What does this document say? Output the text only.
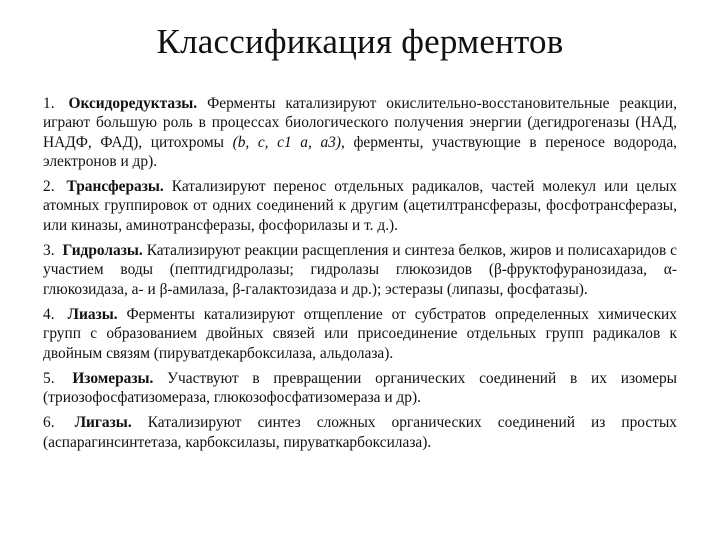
Классификация ферментов

1. Оксидоредуктазы. Ферменты катализируют окислительно-восстановительные реакции, играют большую роль в процессах биологического получения энергии (дегидрогеназы (НАД, НАДФ, ФАД), цитохромы (b, c, c1 a, a3), ферменты, участвующие в переносе водорода, электронов и др).

2. Трансферазы. Катализируют перенос отдельных радикалов, частей молекул или целых атомных группировок от одних соединений к другим (ацетилтрансферазы, фосфотрансферазы, или киназы, аминотрансферазы, фосфорилазы и т. д.).

3. Гидролазы. Катализируют реакции расщепления и синтеза белков, жиров и полисахаридов с участием воды (пептидгидролазы; гидролазы глюкозидов (β-фруктофуранозидаза, α-глюкозидаза, а- и β-амилаза, β-галактозидаза и др.); эстеразы (липазы, фосфатазы).

4. Лиазы. Ферменты катализируют отщепление от субстратов определенных химических групп с образованием двойных связей или присоединение отдельных групп радикалов к двойным связям (пируватдекарбоксилаза, альдолаза).

5. Изомеразы. Участвуют в превращении органических соединений в их изомеры (триозофосфатизомераза, глюкозофосфатизомераза и др).

6. Лигазы. Катализируют синтез сложных органических соединений из простых (аспарагинсинтетаза, карбоксилазы, пируваткарбоксилаза).
